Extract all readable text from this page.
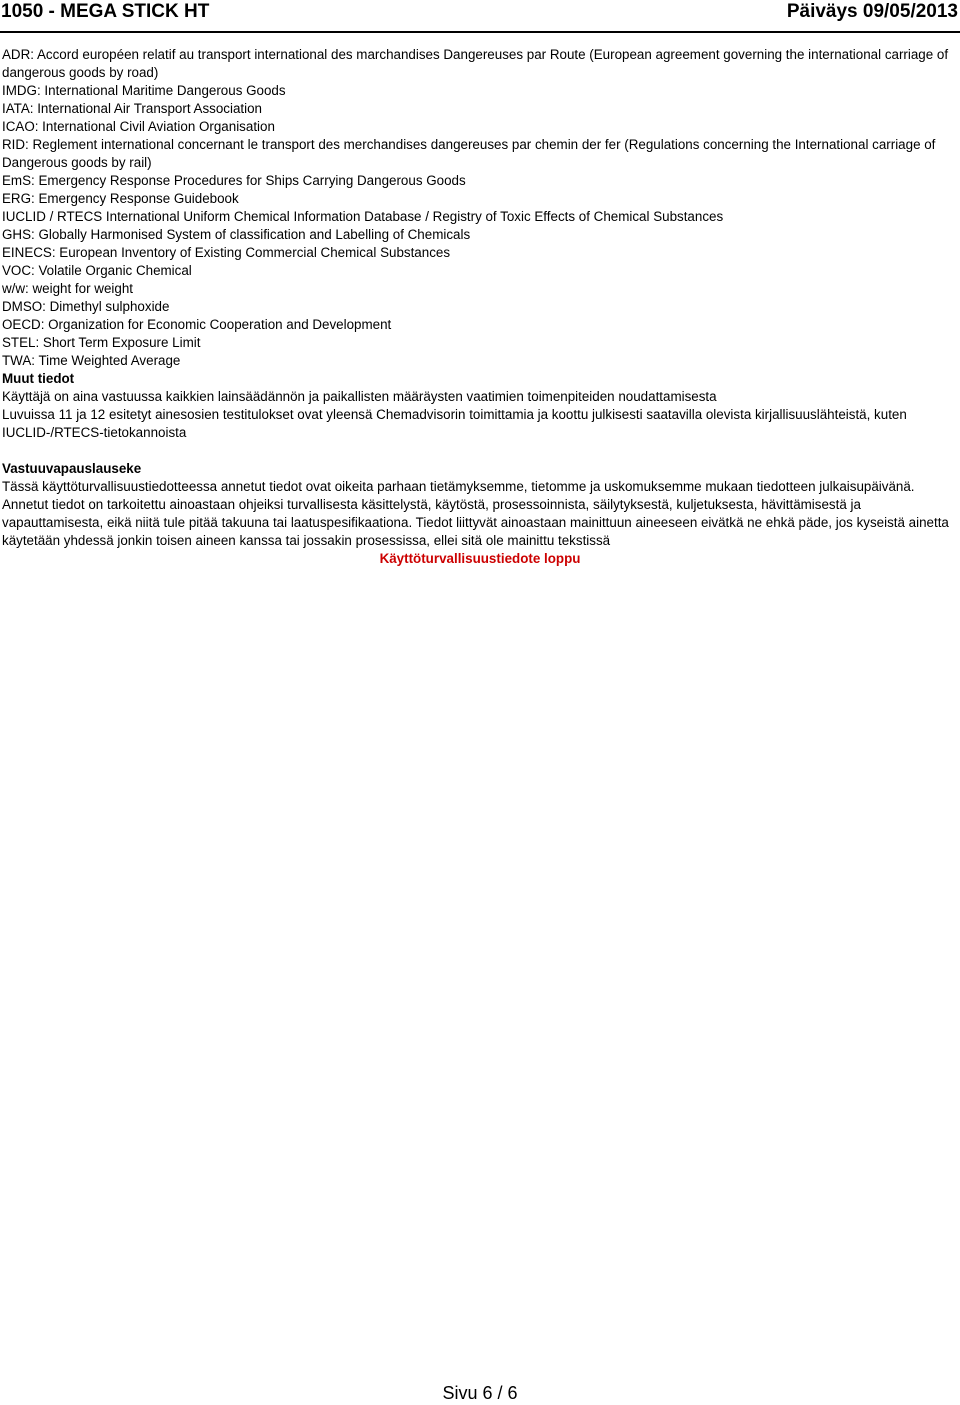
1050 - MEGA STICK HT	Päiväys 09/05/2013
ADR: Accord européen relatif au transport international des marchandises Dangereuses par Route (European agreement governing the international carriage of dangerous goods by road)
IMDG: International Maritime Dangerous Goods
IATA: International Air Transport Association
ICAO: International Civil Aviation Organisation
RID: Reglement international concernant le transport des merchandises dangereuses par chemin der fer (Regulations concerning the International carriage of Dangerous goods by rail)
EmS: Emergency Response Procedures for Ships Carrying Dangerous Goods
ERG: Emergency Response Guidebook
IUCLID / RTECS International Uniform Chemical Information Database / Registry of Toxic Effects of Chemical Substances
GHS: Globally Harmonised System of classification and Labelling of Chemicals
EINECS: European Inventory of Existing Commercial Chemical Substances
VOC: Volatile Organic Chemical
w/w: weight for weight
DMSO: Dimethyl sulphoxide
OECD: Organization for Economic Cooperation and Development
STEL: Short Term Exposure Limit
TWA: Time Weighted Average
Muut tiedot
Käyttäjä on aina vastuussa kaikkien lainsäädännön ja paikallisten määräysten vaatimien toimenpiteiden noudattamisesta
Luvuissa 11 ja 12 esitetyt ainesosien testitulokset ovat yleensä Chemadvisorin toimittamia ja koottu julkisesti saatavilla olevista kirjallisuuslähteistä, kuten IUCLID-/RTECS-tietokannoista
Vastuuvapauslauseke
Tässä käyttöturvallisuustiedotteessa annetut tiedot ovat oikeita parhaan tietämyksemme, tietomme ja uskomuksemme mukaan tiedotteen julkaisupäivänä. Annetut tiedot on tarkoitettu ainoastaan ohjeiksi turvallisesta käsittelystä, käytöstä, prosessoinnista, säilytyksestä, kuljetuksesta, hävittämisestä ja vapauttamisesta, eikä niitä tule pitää takuuna tai laatuspesifikaationa. Tiedot liittyvät ainoastaan mainittuun aineeseen eivätkä ne ehkä päde, jos kyseistä ainetta käytetään yhdessä jonkin toisen aineen kanssa tai jossakin prosessissa, ellei sitä ole mainittu tekstissä
Käyttöturvallisuustiedote loppu
Sivu 6 / 6
